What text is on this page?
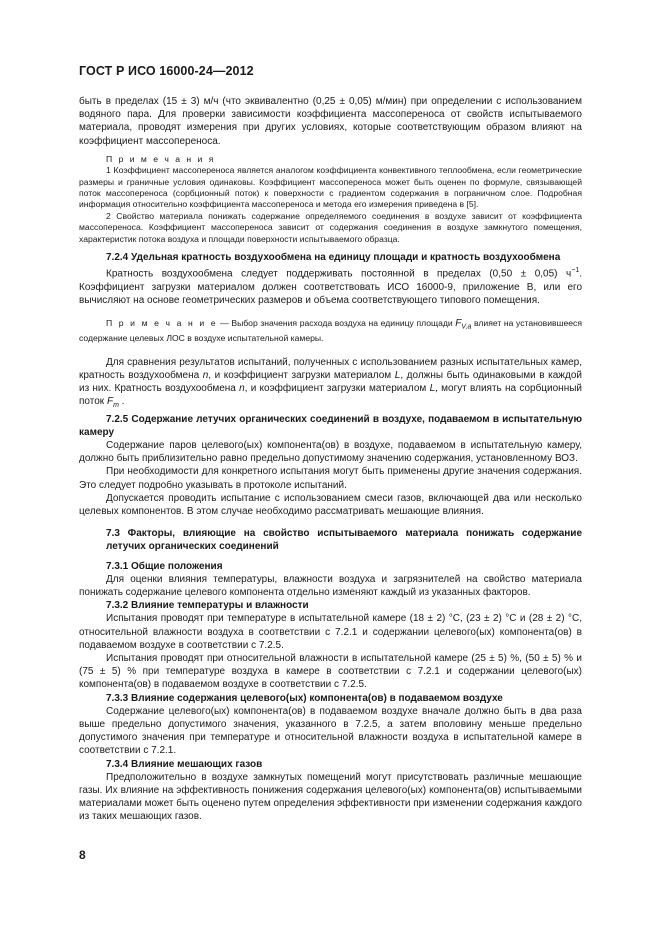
ГОСТ Р ИСО 16000-24—2012

быть в пределах (15 ± 3) м/ч (что эквивалентно (0,25 ± 0,05) м/мин) при определении с использованием водяного пара. Для проверки зависимости коэффициента массопереноса от свойств испытываемого материала, проводят измерения при других условиях, которые соответствующим образом влияют на коэффициент массопереноса.

П р и м е ч а н и я

1 Коэффициент массопереноса является аналогом коэффициента конвективного теплообмена, если геометрические размеры и граничные условия одинаковы. Коэффициент массопереноса может быть оценен по формуле, связывающей поток массопереноса (сорбционный поток) к поверхности с градиентом содержания в пограничном слое. Подробная информация относительно коэффициента массопереноса и метода его измерения приведена в [5].

2 Свойство материала понижать содержание определяемого соединения в воздухе зависит от коэффициента массопереноса. Коэффициент массопереноса зависит от содержания соединения в воздухе замкнутого помещения, характеристик потока воздуха и площади поверхности испытываемого образца.

7.2.4 Удельная кратность воздухообмена на единицу площади и кратность воздухообмена

Кратность воздухообмена следует поддерживать постоянной в пределах (0,50 ± 0,05) $ч^{-1}$. Коэффициент загрузки материалом должен соответствовать ИСО 16000-9, приложение В, или его вычисляют на основе геометрических размеров и объема соответствующего типового помещения.

П р и м е ч а н и е — Выбор значения расхода воздуха на единицу площади $F_{V,a}$ влияет на установившееся содержание целевых ЛОС в воздухе испытательной камеры.

Для сравнения результатов испытаний, полученных с использованием разных испытательных камер, кратность воздухообмена n, и коэффициент загрузки материалом L, должны быть одинаковыми в каждой из них. Кратность воздухообмена n, и коэффициент загрузки материалом L, могут влиять на сорбционный поток $F_m$ .

7.2.5 Содержание летучих органических соединений в воздухе, подаваемом в испытательную камеру

Содержание паров целевого(ых) компонента(ов) в воздухе, подаваемом в испытательную камеру, должно быть приблизительно равно предельно допустимому значению содержания, установленному ВОЗ.

При необходимости для конкретного испытания могут быть применены другие значения содержания. Это следует подробно указывать в протоколе испытаний.

Допускается проводить испытание с использованием смеси газов, включающей два или несколько целевых компонентов. В этом случае необходимо рассматривать мешающие влияния.

7.3 Факторы, влияющие на свойство испытываемого материала понижать содержание летучих органических соединений

7.3.1 Общие положения

Для оценки влияния температуры, влажности воздуха и загрязнителей на свойство материала понижать содержание целевого компонента отдельно изменяют каждый из указанных факторов.

7.3.2 Влияние температуры и влажности

Испытания проводят при температуре в испытательной камере (18 ± 2) °C, (23 ± 2) °C и (28 ± 2) °C, относительной влажности воздуха в соответствии с 7.2.1 и содержании целевого(ых) компонента(ов) в подаваемом воздухе в соответствии с 7.2.5.

Испытания проводят при относительной влажности в испытательной камере (25 ± 5) %, (50 ± 5) % и (75 ± 5) % при температуре воздуха в камере в соответствии с 7.2.1 и содержании целевого(ых) компонента(ов) в подаваемом воздухе в соответствии с 7.2.5.

7.3.3 Влияние содержания целевого(ых) компонента(ов) в подаваемом воздухе

Содержание целевого(ых) компонента(ов) в подаваемом воздухе вначале должно быть в два раза выше предельно допустимого значения, указанного в 7.2.5, а затем вполовину меньше предельно допустимого значения при температуре и относительной влажности воздуха в испытательной камере в соответствии с 7.2.1.

7.3.4 Влияние мешающих газов

Предположительно в воздухе замкнутых помещений могут присутствовать различные мешающие газы. Их влияние на эффективность понижения содержания целевого(ых) компонента(ов) испытываемыми материалами может быть оценено путем определения эффективности при изменении содержания каждого из таких мешающих газов.

8
